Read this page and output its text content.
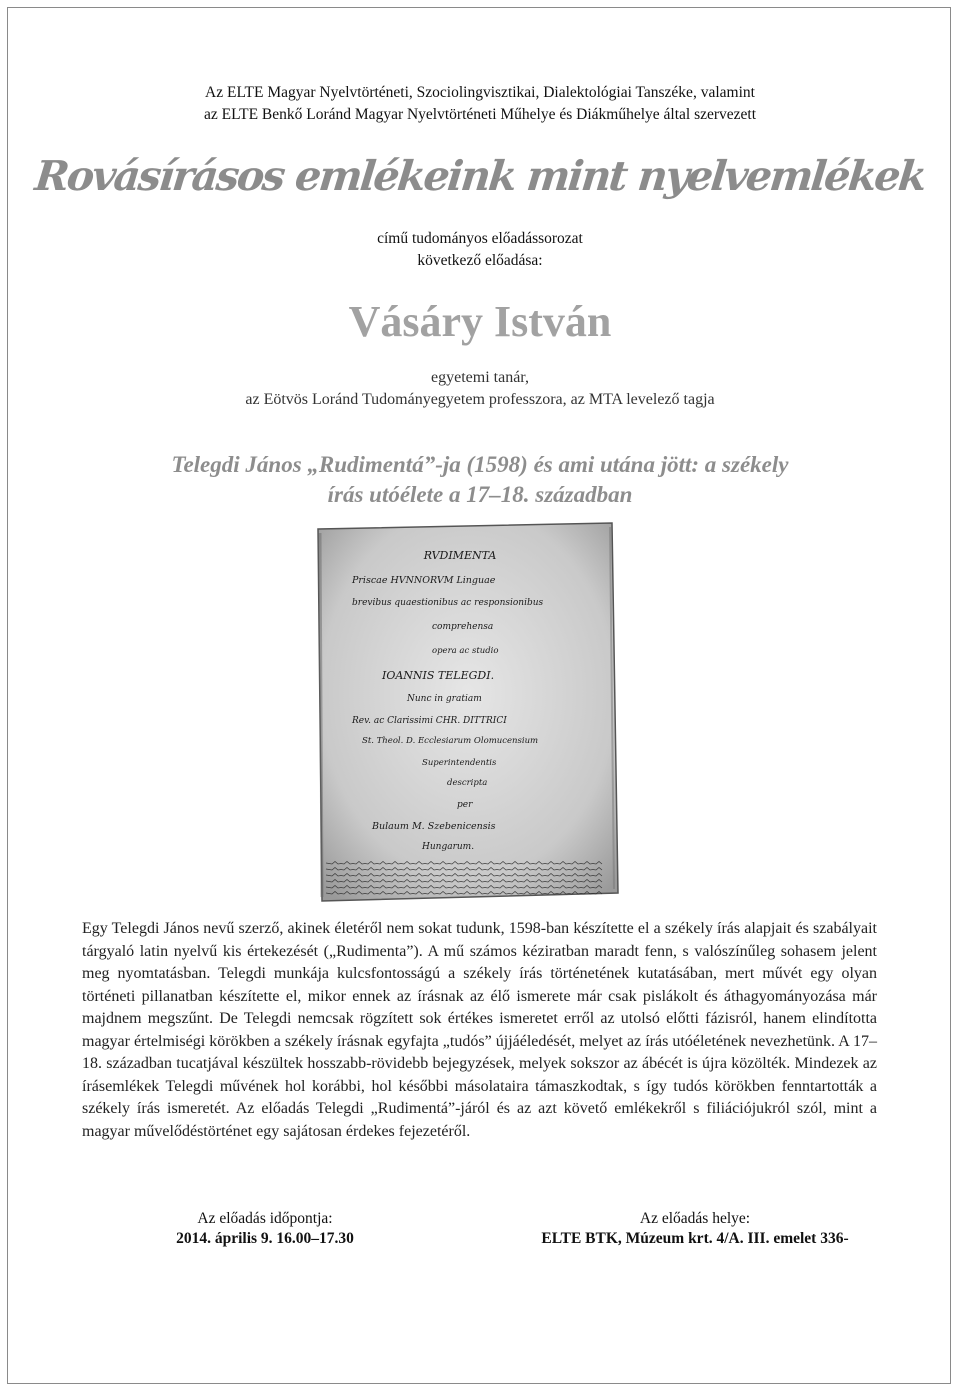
Az ELTE Magyar Nyelvtörténeti, Szociolingvisztikai, Dialektológiai Tanszéke, valamint
az ELTE Benkő Loránd Magyar Nyelvtörténeti Műhelye és Diákműhelye által szervezett
Rovásírásos emlékeink mint nyelvemlékek
című tudományos előadássorozat
következő előadása:
Vásáry István
egyetemi tanár,
az Eötvös Loránd Tudományegyetem professzora, az MTA levelező tagja
Telegdi János „Rudimentá”-ja (1598) és ami utána jött: a székely
írás utóélete a 17–18. században
RVDIMENTA
Priscae HVNNORVM Linguae
brevibus quaestionibus ac responsionibus
comprehensa
opera ac studio
IOANNIS TELEGDI.
Nunc in gratiam
Rev. ac Clarissimi CHR. DITTRICI
St. Theol. D. Ecclesiarum Olomucensium
Superintendentis
descripta
per
Bulaum M. Szebenicensis
Hungarum.
Egy Telegdi János nevű szerző, akinek életéről nem sokat tudunk, 1598-ban készítette el a székely írás alapjait és szabályait tárgyaló latin nyelvű kis értekezését („Rudimenta”). A mű számos kéziratban maradt fenn, s valószínűleg sohasem jelent meg nyomtatásban. Telegdi munkája kulcsfontosságú a székely írás történetének kutatásában, mert művét egy olyan történeti pillanatban készítette el, mikor ennek az írásnak az élő ismerete már csak pislákolt és áthagyományozása már majdnem megszűnt. De Telegdi nemcsak rögzített sok értékes ismeretet erről az utolsó előtti fázisról, hanem elindította magyar értelmiségi körökben a székely írásnak egyfajta „tudós” újjáéledését, melyet az írás utóéletének nevezhetünk. A 17–18. században tucatjával készültek hosszabb-rövidebb bejegyzések, melyek sokszor az ábécét is újra közölték. Mindezek az írásemlékek Telegdi művének hol korábbi, hol későbbi másolataira támaszkodtak, s így tudós körökben fenntartották a székely írás ismeretét. Az előadás Telegdi „Rudimentá”-járól és az azt követő emlékekről s filiációjukról szól, mint a magyar művelődéstörténet egy sajátosan érdekes fejezetéről.
Az előadás időpontja:
2014. április 9. 16.00–17.30
Az előadás helye:
ELTE BTK, Múzeum krt. 4/A. III. emelet 336-
